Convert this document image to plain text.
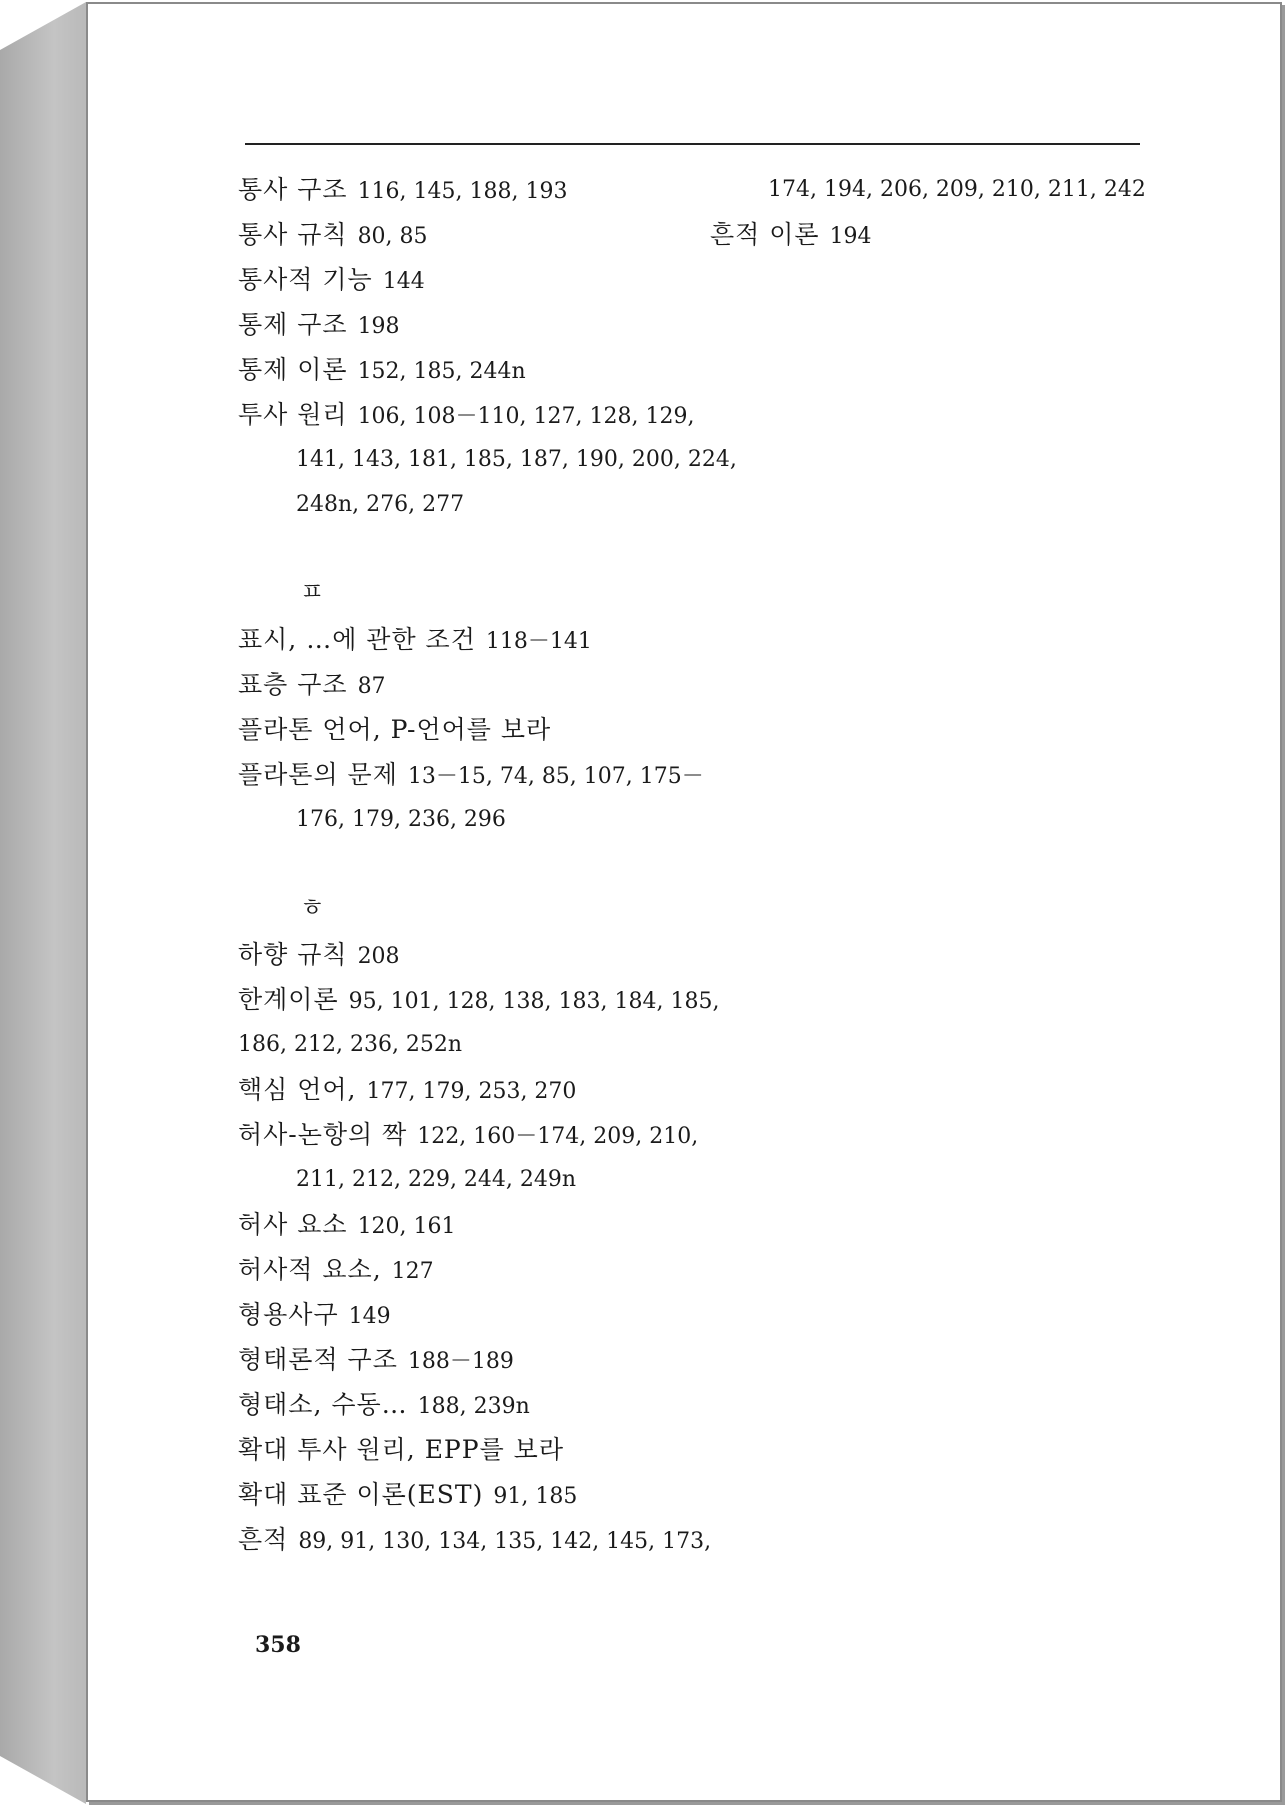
통사 구조 116, 145, 188, 193
통사 규칙 80, 85
통사적 기능 144
통제 구조 198
통제 이론 152, 185, 244n
투사 원리 106, 108－110, 127, 128, 129,
141, 143, 181, 185, 187, 190, 200, 224,
248n, 276, 277
ㅍ
표시, …에 관한 조건 118－141
표층 구조 87
플라톤 언어, P-언어를 보라
플라톤의 문제 13－15, 74, 85, 107, 175－
176, 179, 236, 296
ㅎ
하향 규칙 208
한계이론 95, 101, 128, 138, 183, 184, 185,
186, 212, 236, 252n
핵심 언어, 177, 179, 253, 270
허사-논항의 짝 122, 160－174, 209, 210,
211, 212, 229, 244, 249n
허사 요소 120, 161
허사적 요소, 127
형용사구 149
형태론적 구조 188－189
형태소, 수동… 188, 239n
확대 투사 원리, EPP를 보라
확대 표준 이론(EST) 91, 185
흔적 89, 91, 130, 134, 135, 142, 145, 173,
174, 194, 206, 209, 210, 211, 242
흔적 이론 194
358
